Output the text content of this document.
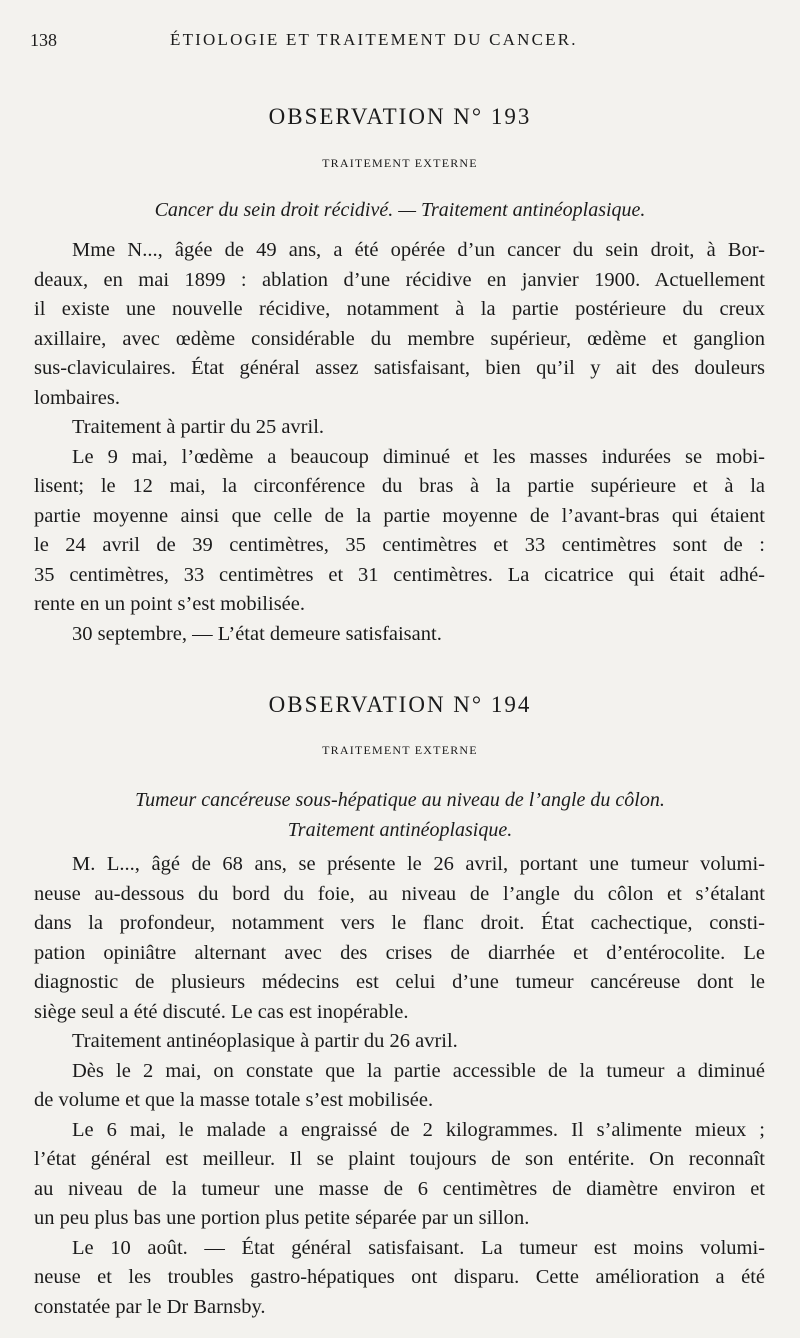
138	ÉTIOLOGIE ET TRAITEMENT DU CANCER.
OBSERVATION N° 193
TRAITEMENT EXTERNE
Cancer du sein droit récidivé. — Traitement antinéoplasique.
Mme N..., âgée de 49 ans, a été opérée d’un cancer du sein droit, à Bor-
deaux, en mai 1899 : ablation d’une récidive en janvier 1900. Actuellement
il existe une nouvelle récidive, notamment à la partie postérieure du creux
axillaire, avec œdème considérable du membre supérieur, œdème et ganglion
sus-claviculaires. État général assez satisfaisant, bien qu’il y ait des douleurs
lombaires.
Traitement à partir du 25 avril.
Le 9 mai, l’œdème a beaucoup diminué et les masses indurées se mobi-
lisent; le 12 mai, la circonférence du bras à la partie supérieure et à la
partie moyenne ainsi que celle de la partie moyenne de l’avant-bras qui étaient
le 24 avril de 39 centimètres, 35 centimètres et 33 centimètres sont de :
35 centimètres, 33 centimètres et 31 centimètres. La cicatrice qui était adhé-
rente en un point s’est mobilisée.
30 septembre, — L’état demeure satisfaisant.
OBSERVATION N° 194
TRAITEMENT EXTERNE
Tumeur cancéreuse sous-hépatique au niveau de l’angle du côlon.
Traitement antinéoplasique.
M. L..., âgé de 68 ans, se présente le 26 avril, portant une tumeur volumi-
neuse au-dessous du bord du foie, au niveau de l’angle du côlon et s’étalant
dans la profondeur, notamment vers le flanc droit. État cachectique, consti-
pation opiniâtre alternant avec des crises de diarrhée et d’entérocolite. Le
diagnostic de plusieurs médecins est celui d’une tumeur cancéreuse dont le
siège seul a été discuté. Le cas est inopérable.
Traitement antinéoplasique à partir du 26 avril.
Dès le 2 mai, on constate que la partie accessible de la tumeur a diminué
de volume et que la masse totale s’est mobilisée.
Le 6 mai, le malade a engraissé de 2 kilogrammes. Il s’alimente mieux ;
l’état général est meilleur. Il se plaint toujours de son entérite. On reconnaît
au niveau de la tumeur une masse de 6 centimètres de diamètre environ et
un peu plus bas une portion plus petite séparée par un sillon.
Le 10 août. — État général satisfaisant. La tumeur est moins volumi-
neuse et les troubles gastro-hépatiques ont disparu. Cette amélioration a été
constatée par le Dr Barnsby.
